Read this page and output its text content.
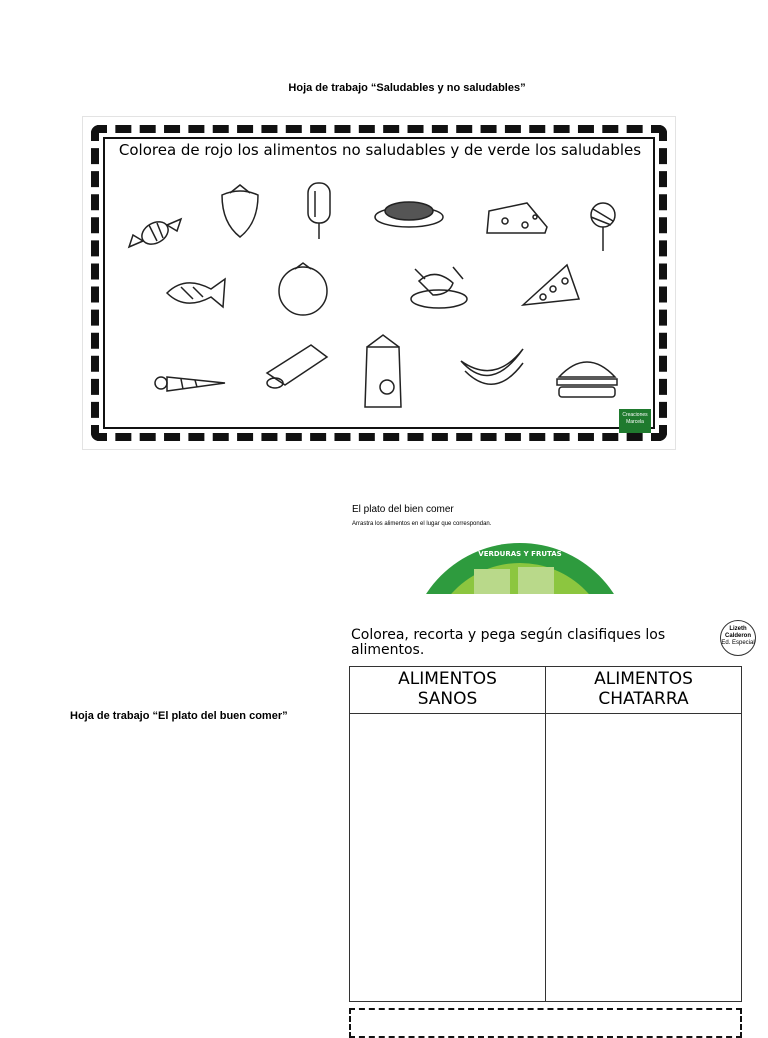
Hoja de trabajo “Saludables y no saludables”
Colorea de rojo los alimentos no saludables y de verde los saludables
Creaciones
Marcela
El plato del bien comer
Arrastra los alimentos en el lugar que correspondan.
VERDURAS Y FRUTAS
Hoja de trabajo “El plato del buen comer”
Colorea, recorta y pega según clasifiques los alimentos.
Lizeth Calderon
Ed. Especial
ALIMENTOS
SANOS
ALIMENTOS
CHATARRA
